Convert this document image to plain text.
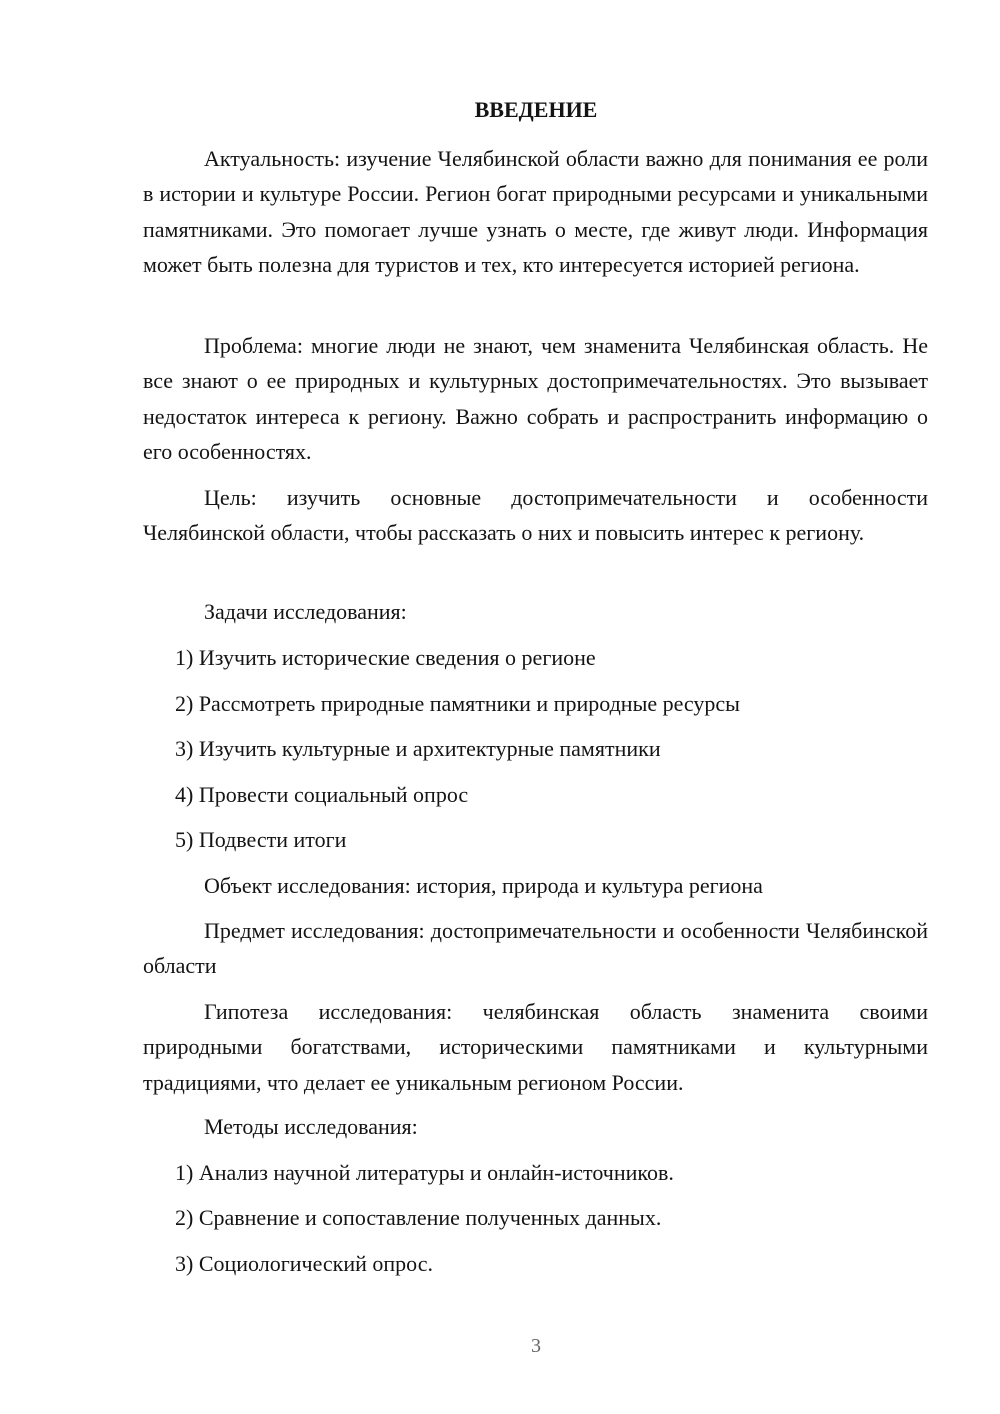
ВВЕДЕНИЕ

Актуальность: изучение Челябинской области важно для понимания ее роли в истории и культуре России. Регион богат природными ресурсами и уникальными памятниками. Это помогает лучше узнать о месте, где живут люди. Информация может быть полезна для туристов и тех, кто интересуется историей региона.

Проблема: многие люди не знают, чем знаменита Челябинская область. Не все знают о ее природных и культурных достопримечательностях. Это вызывает недостаток интереса к региону. Важно собрать и распространить информацию о его особенностях.

Цель: изучить основные достопримечательности и особенности Челябинской области, чтобы рассказать о них и повысить интерес к региону.

Задачи исследования:

1) Изучить исторические сведения о регионе

2) Рассмотреть природные памятники и природные ресурсы

3) Изучить культурные и архитектурные памятники

4) Провести социальный опрос

5) Подвести итоги

Объект исследования: история, природа и культура региона

Предмет исследования: достопримечательности и особенности Челябинской области

Гипотеза исследования: челябинская область знаменита своими природными богатствами, историческими памятниками и культурными традициями, что делает ее уникальным регионом России.

Методы исследования:

1) Анализ научной литературы и онлайн-источников.

2) Сравнение и сопоставление полученных данных.

3) Социологический опрос.

3
